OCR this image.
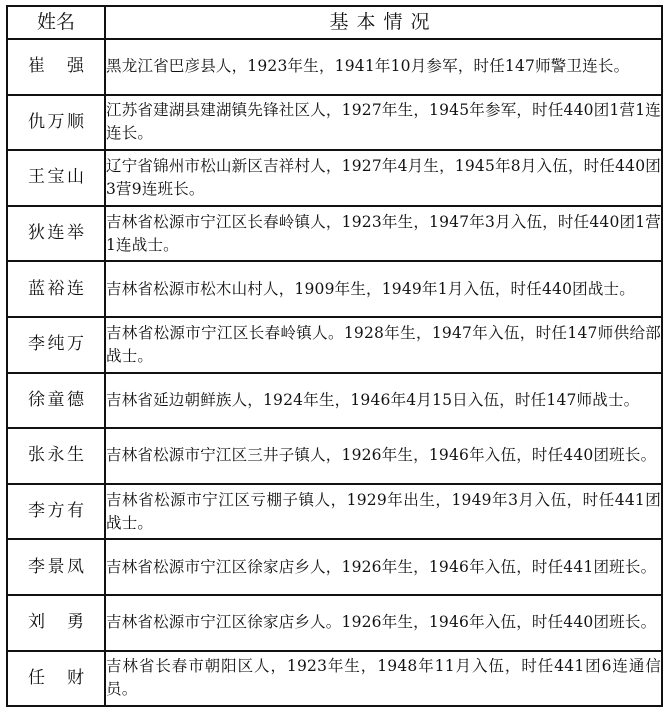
姓名	基本情况
崔　强	黑龙江省巴彦县人，1923年生，1941年10月参军，时任147师警卫连长。
仇万顺	江苏省建湖县建湖镇先锋社区人，1927年生，1945年参军，时任440团1营1连连长。
王宝山	辽宁省锦州市松山新区吉祥村人，1927年4月生，1945年8月入伍，时任440团3营9连班长。
狄连举	吉林省松源市宁江区长春岭镇人，1923年生，1947年3月入伍，时任440团1营1连战士。
蓝裕连	吉林省松源市松木山村人，1909年生，1949年1月入伍，时任440团战士。
李纯万	吉林省松源市宁江区长春岭镇人。1928年生，1947年入伍，时任147师供给部战士。
徐童德	吉林省延边朝鲜族人，1924年生，1946年4月15日入伍，时任147师战士。
张永生	吉林省松源市宁江区三井子镇人，1926年生，1946年入伍，时任440团班长。
李方有	吉林省松源市宁江区亏棚子镇人，1929年出生，1949年3月入伍，时任441团战士。
李景凤	吉林省松源市宁江区徐家店乡人，1926年生，1946年入伍，时任441团班长。
刘　勇	吉林省松源市宁江区徐家店乡人。1926年生，1946年入伍，时任440团班长。
任　财	吉林省长春市朝阳区人，1923年生，1948年11月入伍，时任441团6连通信员。
